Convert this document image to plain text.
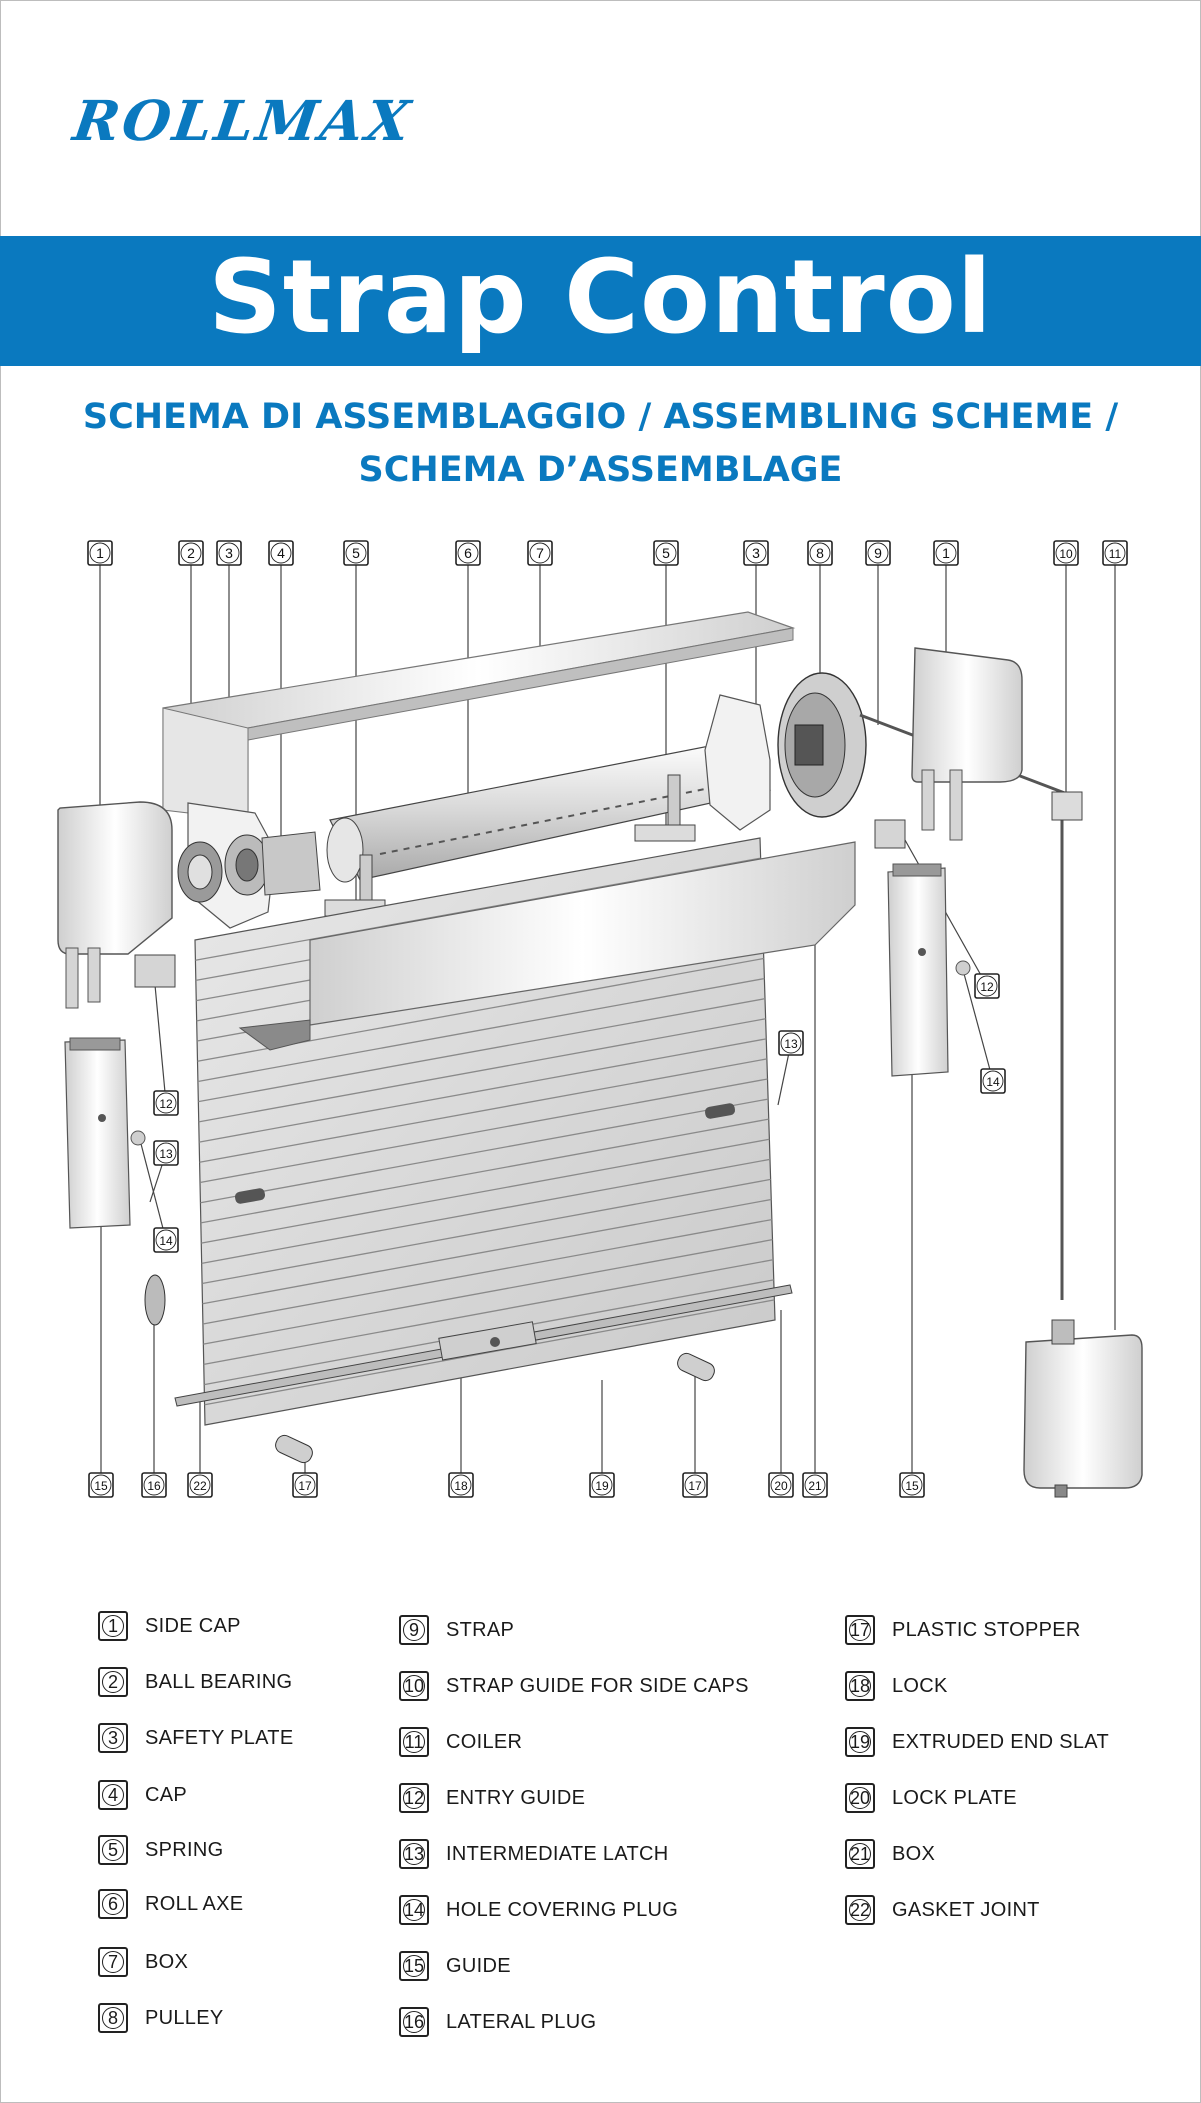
ROLLMAX
Strap Control
SCHEMA DI ASSEMBLAGGIO / ASSEMBLING SCHEME /
SCHEMA D’ASSEMBLAGE
1	2 3	4	5	6	7	5	3	8	9	1	10	11
15	16	22	17	18	19	17	20 21	15
12
13
14
13
12
14
1 SIDE CAP
2 BALL BEARING
3 SAFETY PLATE
4 CAP
5 SPRING
6 ROLL AXE
7 BOX
8 PULLEY
9 STRAP
10 STRAP GUIDE FOR SIDE CAPS
11 COILER
12 ENTRY GUIDE
13 INTERMEDIATE LATCH
14 HOLE COVERING PLUG
15 GUIDE
16 LATERAL PLUG
17 PLASTIC STOPPER
18 LOCK
19 EXTRUDED END SLAT
20 LOCK PLATE
21 BOX
22 GASKET JOINT
